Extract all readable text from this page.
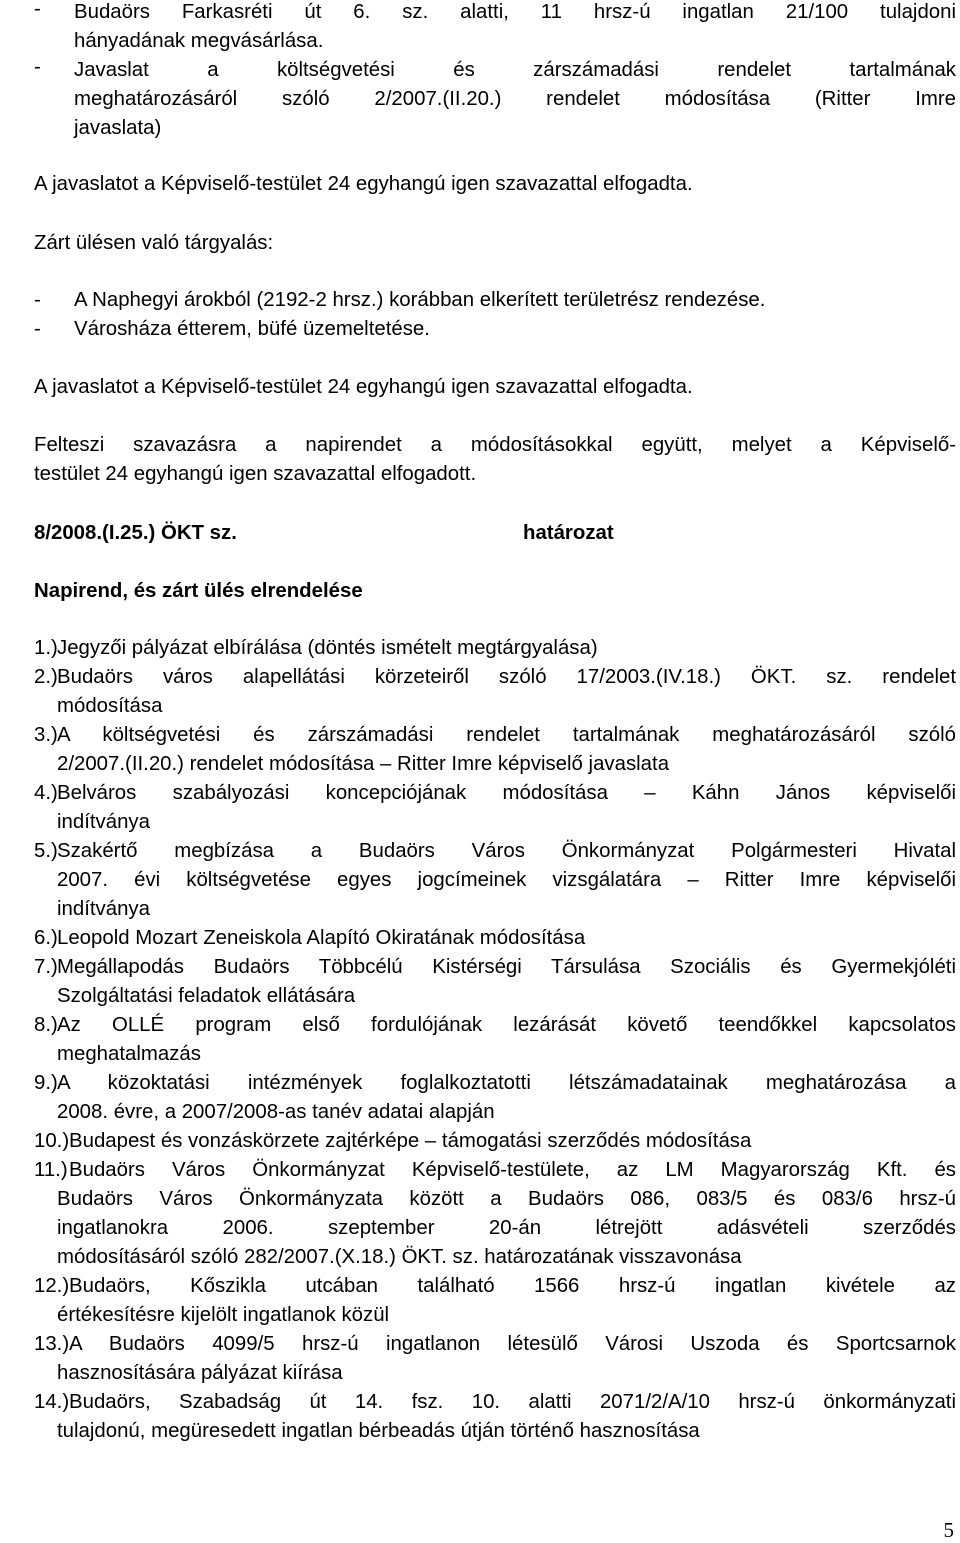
- Budaörs Farkasréti út 6. sz. alatti, 11 hrsz-ú ingatlan 21/100 tulajdoni
hányadának megvásárlása.
- Javaslat a költségvetési és zárszámadási rendelet tartalmának
meghatározásáról szóló 2/2007.(II.20.) rendelet módosítása (Ritter Imre
javaslata)
A javaslatot a Képviselő-testület 24 egyhangú igen szavazattal elfogadta.
Zárt ülésen való tárgyalás:
- A Naphegyi árokból (2192-2 hrsz.) korábban elkerített területrész rendezése.
- Városháza étterem, büfé üzemeltetése.
A javaslatot a Képviselő-testület 24 egyhangú igen szavazattal elfogadta.
Felteszi szavazásra a napirendet a módosításokkal együtt, melyet a Képviselő-
testület 24 egyhangú igen szavazattal elfogadott.
8/2008.(I.25.) ÖKT sz.	határozat
Napirend, és zárt ülés elrendelése
1.) Jegyzői pályázat elbírálása (döntés ismételt megtárgyalása)
2.) Budaörs város alapellátási körzeteiről szóló 17/2003.(IV.18.) ÖKT. sz. rendelet
módosítása
3.) A költségvetési és zárszámadási rendelet tartalmának meghatározásáról szóló
2/2007.(II.20.) rendelet módosítása – Ritter Imre képviselő javaslata
4.) Belváros szabályozási koncepciójának módosítása – Káhn János képviselői
indítványa
5.) Szakértő megbízása a Budaörs Város Önkormányzat Polgármesteri Hivatal
2007. évi költségvetése egyes jogcímeinek vizsgálatára – Ritter Imre képviselői
indítványa
6.) Leopold Mozart Zeneiskola Alapító Okiratának módosítása
7.) Megállapodás Budaörs Többcélú Kistérségi Társulása Szociális és Gyermekjóléti
Szolgáltatási feladatok ellátására
8.) Az OLLÉ program első fordulójának lezárását követő teendőkkel kapcsolatos
meghatalmazás
9.) A közoktatási intézmények foglalkoztatotti létszámadatainak meghatározása a
2008. évre, a 2007/2008-as tanév adatai alapján
10.) Budapest és vonzáskörzete zajtérképe – támogatási szerződés módosítása
11.) Budaörs Város Önkormányzat Képviselő-testülete, az LM Magyarország Kft. és
Budaörs Város Önkormányzata között a Budaörs 086, 083/5 és 083/6 hrsz-ú
ingatlanokra 2006. szeptember 20-án létrejött adásvételi szerződés
módosításáról szóló 282/2007.(X.18.) ÖKT. sz. határozatának visszavonása
12.) Budaörs, Kőszikla utcában található 1566 hrsz-ú ingatlan kivétele az
értékesítésre kijelölt ingatlanok közül
13.) A Budaörs 4099/5 hrsz-ú ingatlanon létesülő Városi Uszoda és Sportcsarnok
hasznosítására pályázat kiírása
14.) Budaörs, Szabadság út 14. fsz. 10. alatti 2071/2/A/10 hrsz-ú önkormányzati
tulajdonú, megüresedett ingatlan bérbeadás útján történő hasznosítása
5
